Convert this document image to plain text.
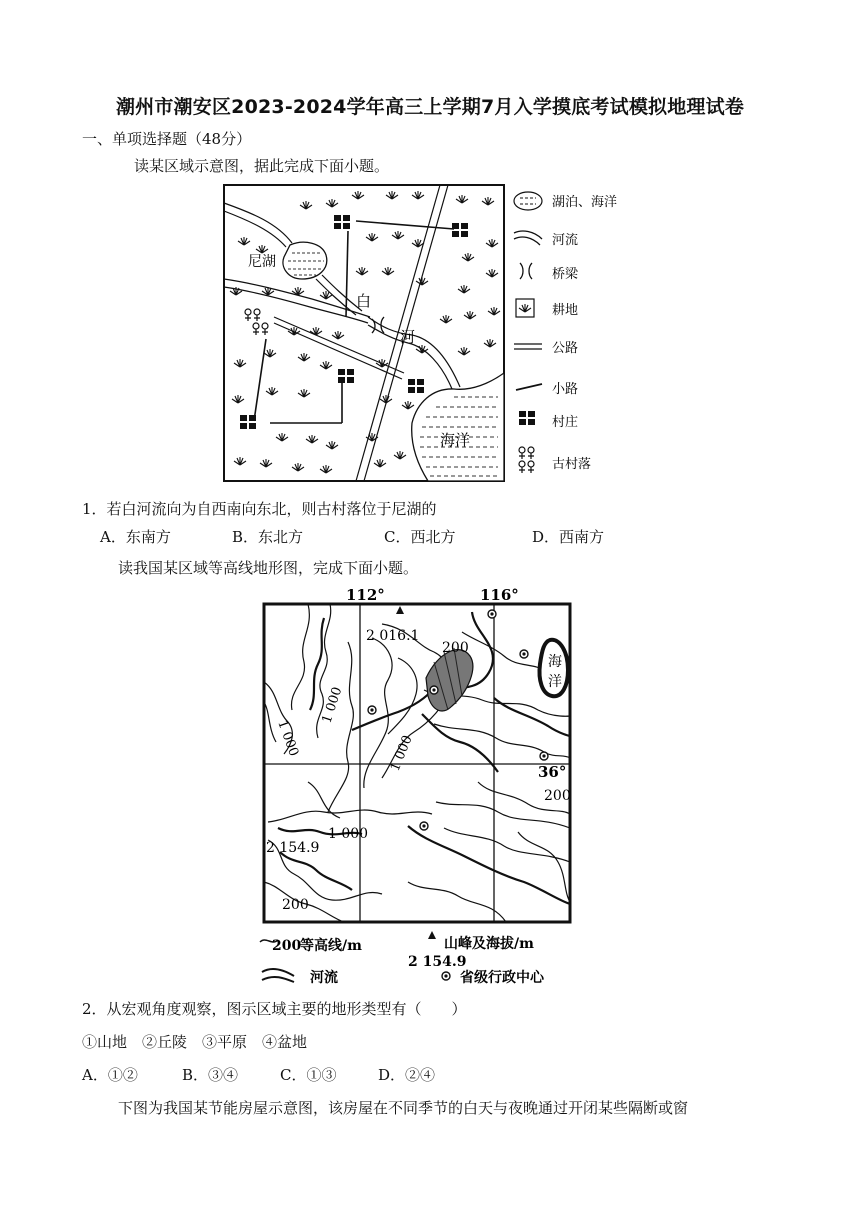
潮州市潮安区2023-2024学年高三上学期7月入学摸底考试模拟地理试卷
一、单项选择题（48分）
读某区域示意图，据此完成下面小题。
尼湖
白
河
海洋
湖泊、海洋
河流
桥梁
耕地
公路
小路
村庄
古村落
1．若白河流向为自西南向东北，则古村落位于尼湖的
A．东南方	B．东北方	C．西北方	D．西南方
读我国某区域等高线地形图，完成下面小题。
112°	116°
36°
海
洋
2 016.1
2 154.9
200
200
200
1 000
1 000
1 000	1 000
200
等高线/m	山峰及海拔/m
2 154.9
河流	省级行政中心
2．从宏观角度观察，图示区域主要的地形类型有（　　）
①山地　②丘陵　③平原　④盆地
A．①②	B．③④	C．①③	D．②④
下图为我国某节能房屋示意图，该房屋在不同季节的白天与夜晚通过开闭某些隔断或窗
